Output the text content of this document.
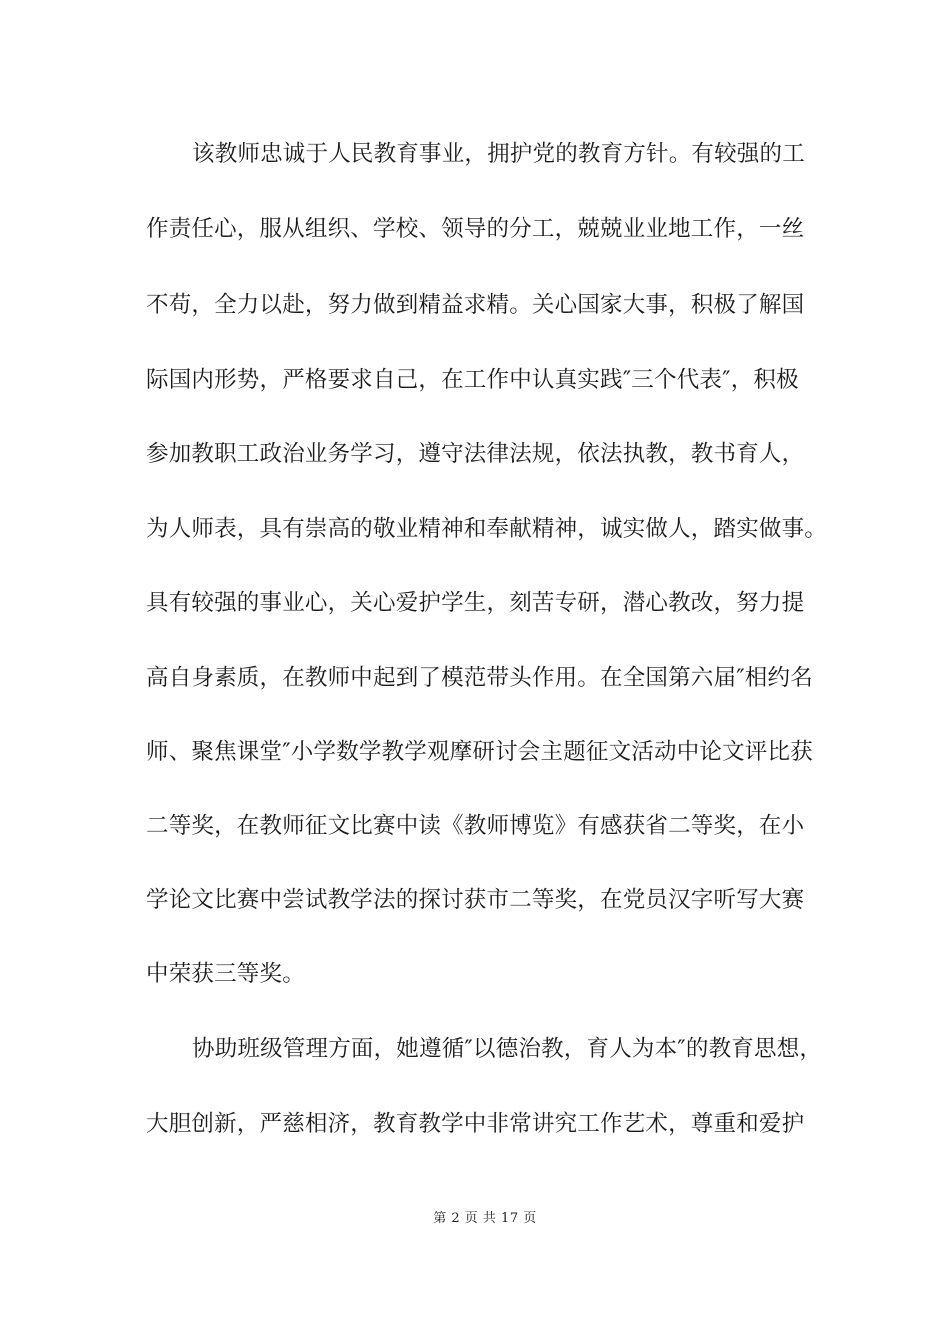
该教师忠诚于人民教育事业，拥护党的教育方针。有较强的工
作责任心，服从组织、学校、领导的分工，兢兢业业地工作，一丝
不苟，全力以赴，努力做到精益求精。关心国家大事，积极了解国
际国内形势，严格要求自己，在工作中认真实践″三个代表″，积极
参加教职工政治业务学习，遵守法律法规，依法执教，教书育人，
为人师表，具有崇高的敬业精神和奉献精神，诚实做人，踏实做事。
具有较强的事业心，关心爱护学生，刻苦专研，潜心教改，努力提
高自身素质，在教师中起到了模范带头作用。在全国第六届″相约名
师、聚焦课堂″小学数学教学观摩研讨会主题征文活动中论文评比获
二等奖，在教师征文比赛中读《教师博览》有感获省二等奖，在小
学论文比赛中尝试教学法的探讨获市二等奖，在党员汉字听写大赛
中荣获三等奖。
协助班级管理方面，她遵循″以德治教，育人为本″的教育思想，
大胆创新，严慈相济，教育教学中非常讲究工作艺术，尊重和爱护
第 2 页 共 17 页
